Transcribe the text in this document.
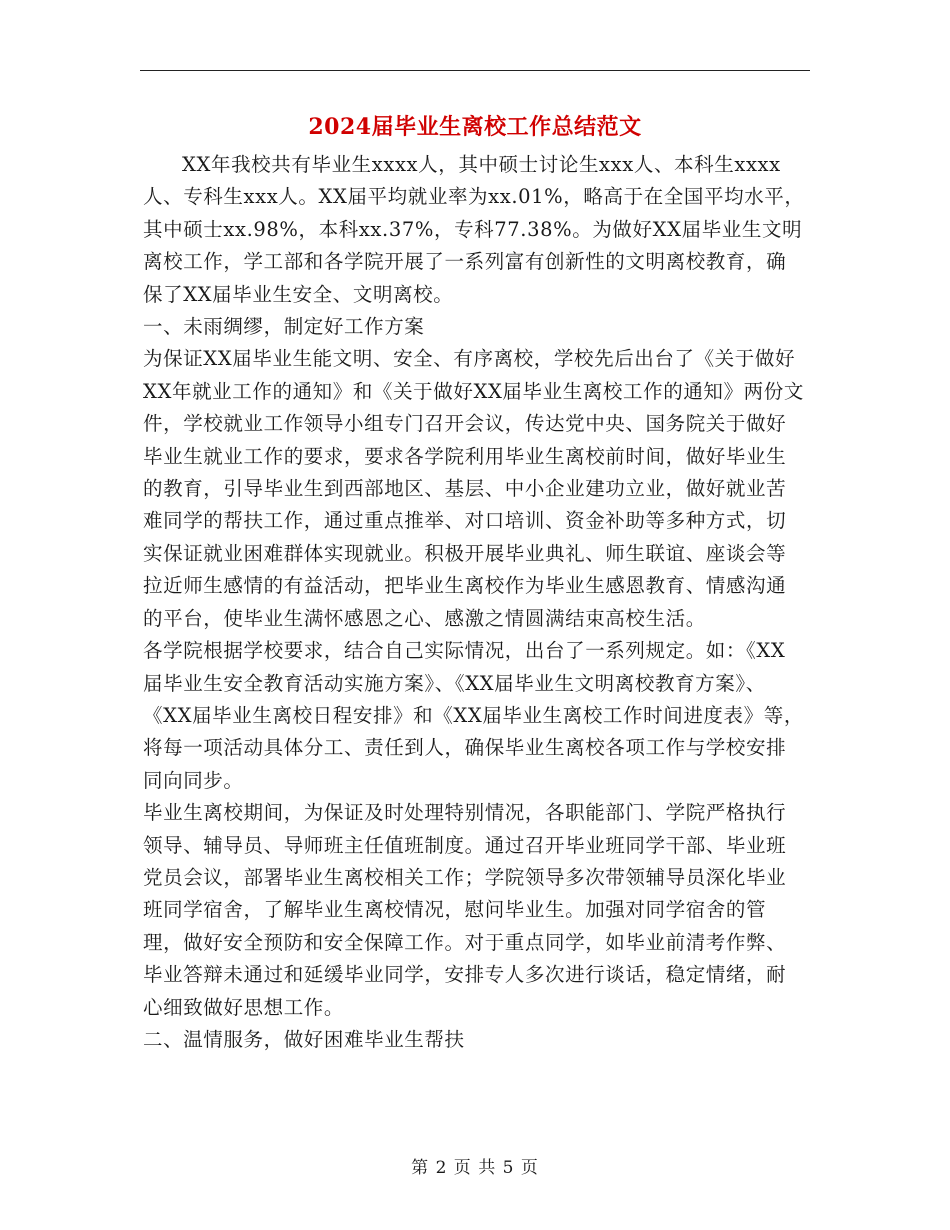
2024届毕业生离校工作总结范文

XX年我校共有毕业生xxxx人，其中硕士讨论生xxx人、本科生xxxx人、专科生xxx人。XX届平均就业率为xx.01%，略高于在全国平均水平，其中硕士xx.98%，本科xx.37%，专科77.38%。为做好XX届毕业生文明离校工作，学工部和各学院开展了一系列富有创新性的文明离校教育，确保了XX届毕业生安全、文明离校。

一、未雨绸缪，制定好工作方案

为保证XX届毕业生能文明、安全、有序离校，学校先后出台了《关于做好XX年就业工作的通知》和《关于做好XX届毕业生离校工作的通知》两份文件，学校就业工作领导小组专门召开会议，传达党中央、国务院关于做好毕业生就业工作的要求，要求各学院利用毕业生离校前时间，做好毕业生的教育，引导毕业生到西部地区、基层、中小企业建功立业，做好就业苦难同学的帮扶工作，通过重点推举、对口培训、资金补助等多种方式，切实保证就业困难群体实现就业。积极开展毕业典礼、师生联谊、座谈会等拉近师生感情的有益活动，把毕业生离校作为毕业生感恩教育、情感沟通的平台，使毕业生满怀感恩之心、感激之情圆满结束高校生活。

各学院根据学校要求，结合自己实际情况，出台了一系列规定。如：《XX届毕业生安全教育活动实施方案》、《XX届毕业生文明离校教育方案》、《XX届毕业生离校日程安排》和《XX届毕业生离校工作时间进度表》等，将每一项活动具体分工、责任到人，确保毕业生离校各项工作与学校安排同向同步。

毕业生离校期间，为保证及时处理特别情况，各职能部门、学院严格执行领导、辅导员、导师班主任值班制度。通过召开毕业班同学干部、毕业班党员会议，部署毕业生离校相关工作；学院领导多次带领辅导员深化毕业班同学宿舍，了解毕业生离校情况，慰问毕业生。加强对同学宿舍的管理，做好安全预防和安全保障工作。对于重点同学，如毕业前清考作弊、毕业答辩未通过和延缓毕业同学，安排专人多次进行谈话，稳定情绪，耐心细致做好思想工作。

二、温情服务，做好困难毕业生帮扶

第 2 页 共 5 页
